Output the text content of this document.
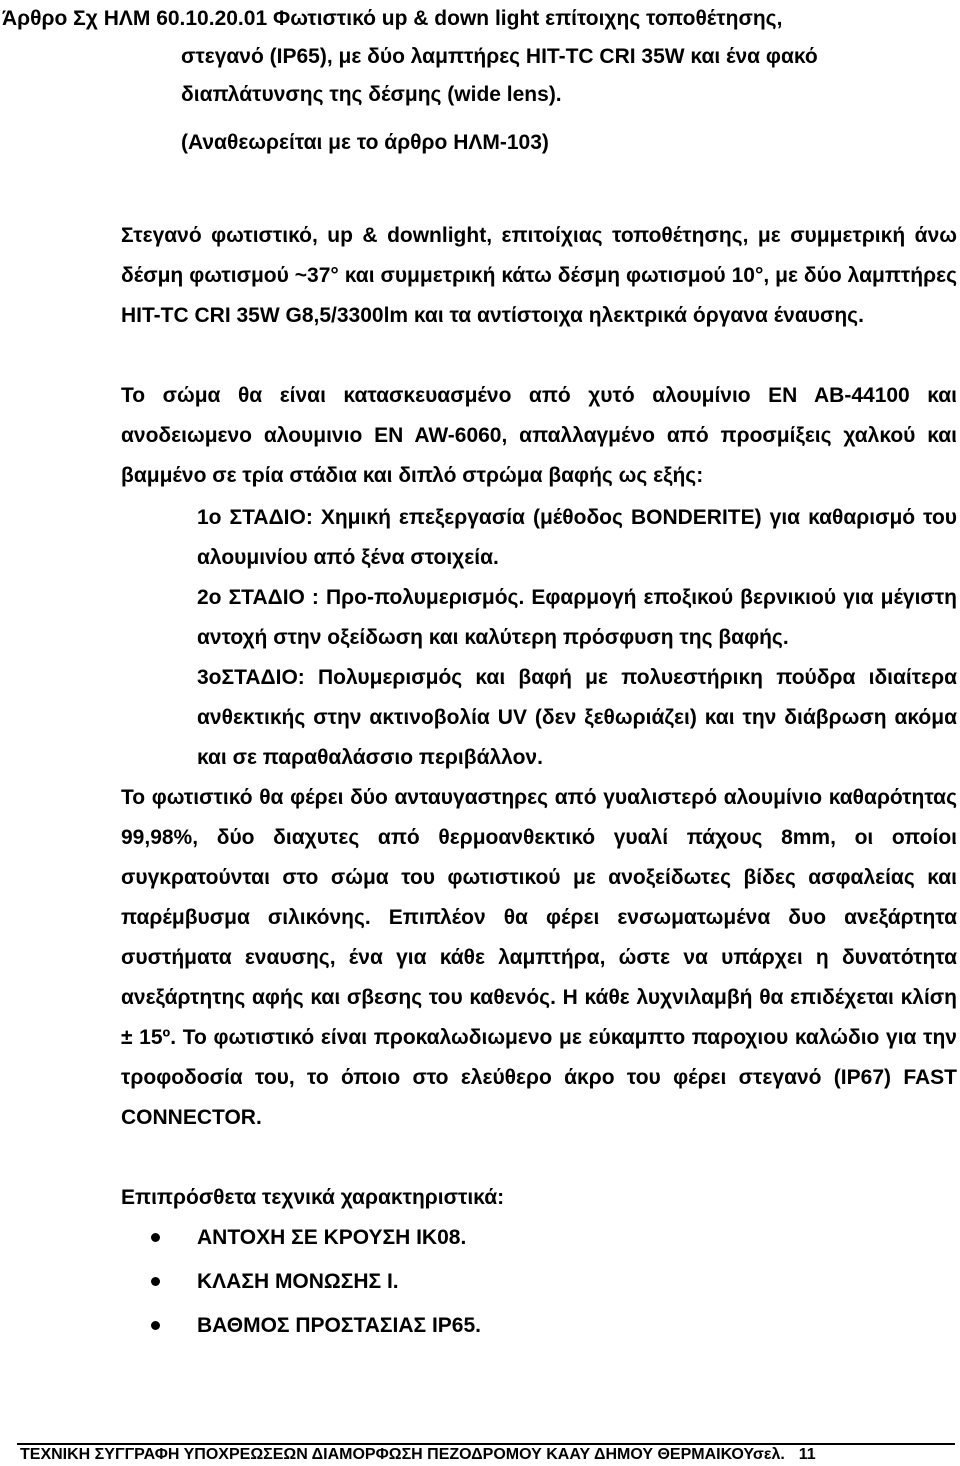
Άρθρο Σχ ΗΛΜ 60.10.20.01 Φωτιστικό up & down light επίτοιχης τοποθέτησης,
στεγανό (IP65), με δύο λαμπτήρες HIT-TC CRI 35W και ένα φακό
διαπλάτυνσης της δέσμης (wide lens).
(Αναθεωρείται με το άρθρο ΗΛΜ-103)
Στεγανό φωτιστικό, up & downlight, επιτοίχιας τοποθέτησης, με συμμετρική άνω δέσμη φωτισμού ~37° και συμμετρική κάτω δέσμη φωτισμού 10°, με δύο λαμπτήρες HIT-TC CRI 35W G8,5/3300lm και τα αντίστοιχα ηλεκτρικά όργανα έναυσης.
Το σώμα θα είναι κατασκευασμένο από χυτό αλουμίνιο EN AB-44100 και ανοδειωμενο αλουμινιο EN AW-6060, απαλλαγμένο από προσμίξεις χαλκού και βαμμένο σε τρία στάδια και διπλό στρώμα βαφής ως εξής:
1ο ΣΤΑΔΙΟ: Χημική επεξεργασία (μέθοδος BONDERITE) για καθαρισμό του αλουμινίου από ξένα στοιχεία.
2ο ΣΤΑΔΙΟ : Προ-πολυμερισμός. Εφαρμογή εποξικού βερνικιού για μέγιστη αντοχή στην οξείδωση και καλύτερη πρόσφυση της βαφής.
3οΣΤΑΔΙΟ: Πολυμερισμός και βαφή με πολυεστήρικη πούδρα ιδιαίτερα ανθεκτικής στην ακτινοβολία UV (δεν ξεθωριάζει) και την διάβρωση ακόμα και σε παραθαλάσσιο περιβάλλον.
Το φωτιστικό θα φέρει δύο ανταυγαστηρες από γυαλιστερό αλουμίνιο καθαρότητας 99,98%, δύο διαχυτες από θερμοανθεκτικό γυαλί πάχους 8mm, οι οποίοι συγκρατούνται στο σώμα του φωτιστικού με ανοξείδωτες βίδες ασφαλείας και παρέμβυσμα σιλικόνης. Επιπλέον θα φέρει ενσωματωμένα δυο ανεξάρτητα συστήματα εναυσης, ένα για κάθε λαμπτήρα, ώστε να υπάρχει η δυνατότητα ανεξάρτητης αφής και σβεσης του καθενός. Η κάθε λυχνιλαμβή θα επιδέχεται κλίση ± 15º. Το φωτιστικό είναι προκαλωδιωμενο με εύκαμπτο παροχιου καλώδιο για την τροφοδοσία του, το όποιο στο ελεύθερο άκρο του φέρει στεγανό (IP67) FAST CONNECTOR.
Επιπρόσθετα τεχνικά χαρακτηριστικά:
ΑΝΤΟΧΗ ΣΕ ΚΡΟΥΣΗ ΙΚ08.
ΚΛΑΣΗ ΜΟΝΩΣΗΣ Ι.
ΒΑΘΜΟΣ ΠΡΟΣΤΑΣΙΑΣ IP65.
ΤΕΧΝΙΚΗ ΣΥΓΓΡΑΦΗ ΥΠΟΧΡΕΩΣΕΩΝ ΔΙΑΜΟΡΦΩΣΗ ΠΕΖΟΔΡΟΜΟΥ ΚΑΑΥ ΔΗΜΟΥ ΘΕΡΜΑΙΚΟΥσελ. 11
